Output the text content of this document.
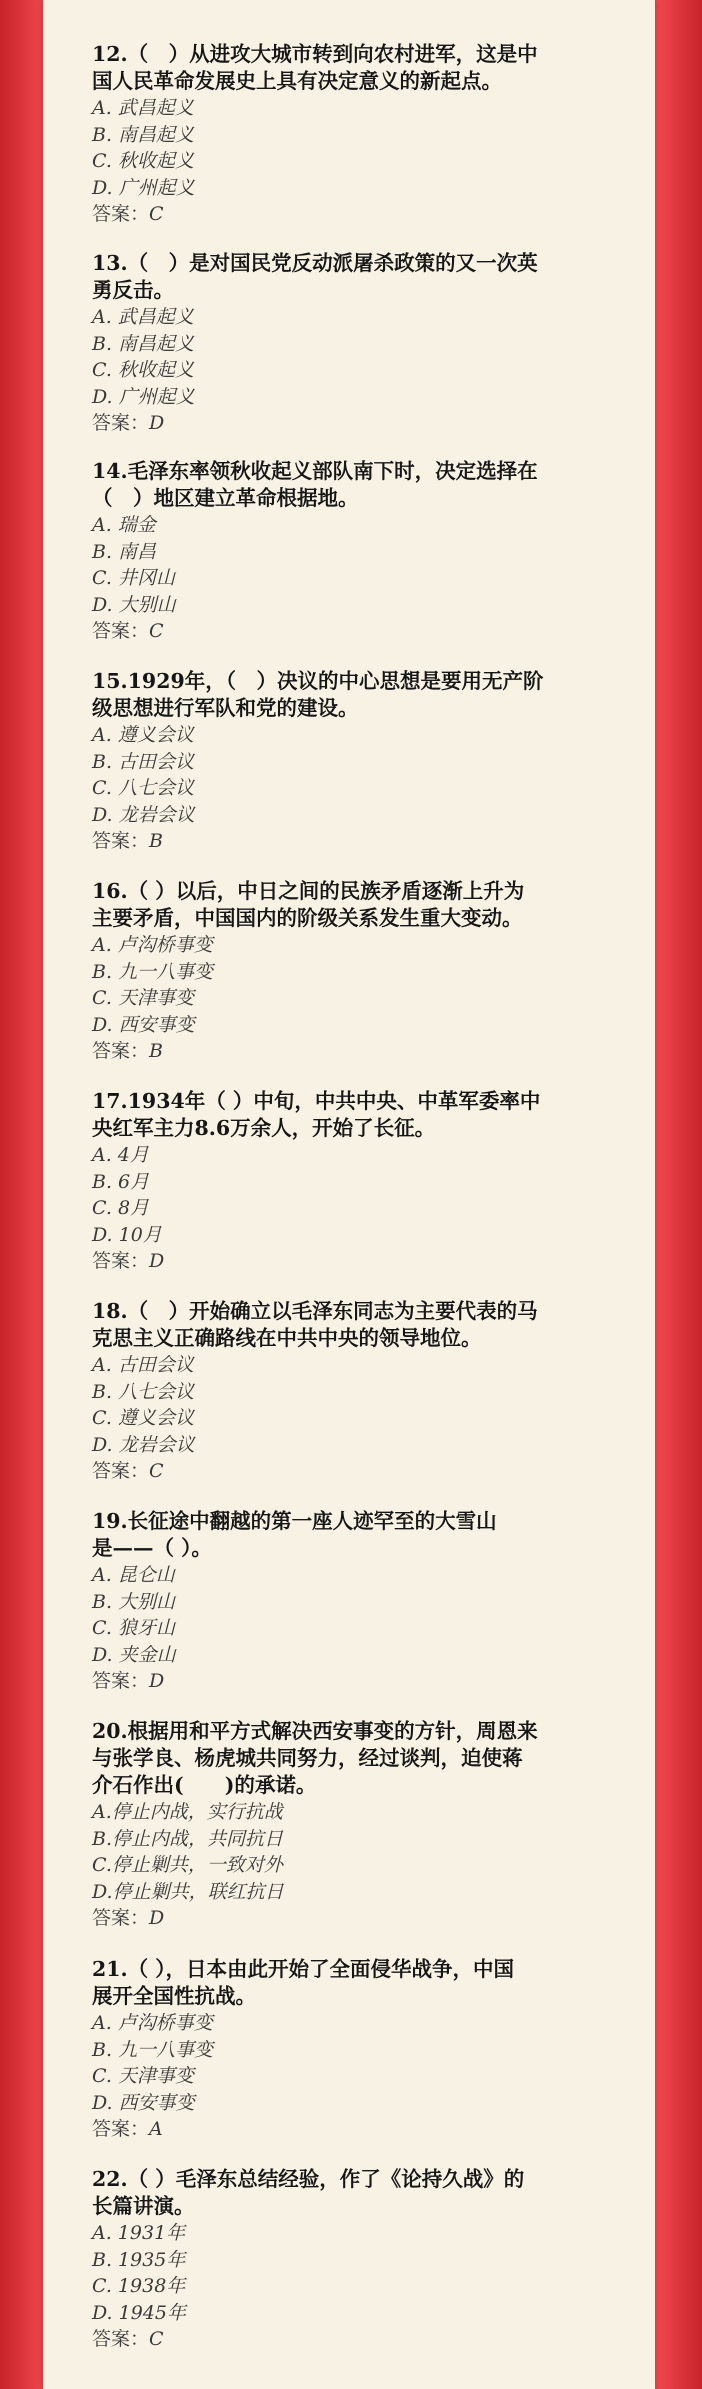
12.（　）从进攻大城市转到向农村进军，这是中
国人民革命发展史上具有决定意义的新起点。

A. 武昌起义

B. 南昌起义

C. 秋收起义

D. 广州起义

答案：C

13.（　）是对国民党反动派屠杀政策的又一次英
勇反击。

A. 武昌起义

B. 南昌起义

C. 秋收起义

D. 广州起义

答案：D

14.毛泽东率领秋收起义部队南下时，决定选择在
（　）地区建立革命根据地。

A. 瑞金

B. 南昌

C. 井冈山

D. 大别山

答案：C

15.1929年，（　）决议的中心思想是要用无产阶
级思想进行军队和党的建设。

A. 遵义会议

B. 古田会议

C. 八七会议

D. 龙岩会议

答案：B

16.（ ）以后，中日之间的民族矛盾逐渐上升为
主要矛盾，中国国内的阶级关系发生重大变动。

A. 卢沟桥事变

B. 九一八事变

C. 天津事变

D. 西安事变

答案：B

17.1934年（ ）中旬，中共中央、中革军委率中
央红军主力8.6万余人，开始了长征。

A. 4月

B. 6月

C. 8月

D. 10月

答案：D

18.（　）开始确立以毛泽东同志为主要代表的马
克思主义正确路线在中共中央的领导地位。

A. 古田会议

B. 八七会议

C. 遵义会议

D. 龙岩会议

答案：C

19.长征途中翻越的第一座人迹罕至的大雪山
是——（ ）。

A. 昆仑山

B. 大别山

C. 狼牙山

D. 夹金山

答案：D

20.根据用和平方式解决西安事变的方针，周恩来
与张学良、杨虎城共同努力，经过谈判，迫使蒋
介石作出(　　)的承诺。

A.停止内战，实行抗战

B.停止内战，共同抗日

C.停止剿共，一致对外

D.停止剿共，联红抗日

答案：D

21.（ ），日本由此开始了全面侵华战争，中国
展开全国性抗战。

A. 卢沟桥事变

B. 九一八事变

C. 天津事变

D. 西安事变

答案：A

22.（ ）毛泽东总结经验，作了《论持久战》的
长篇讲演。

A. 1931年

B. 1935年

C. 1938年

D. 1945年

答案：C
